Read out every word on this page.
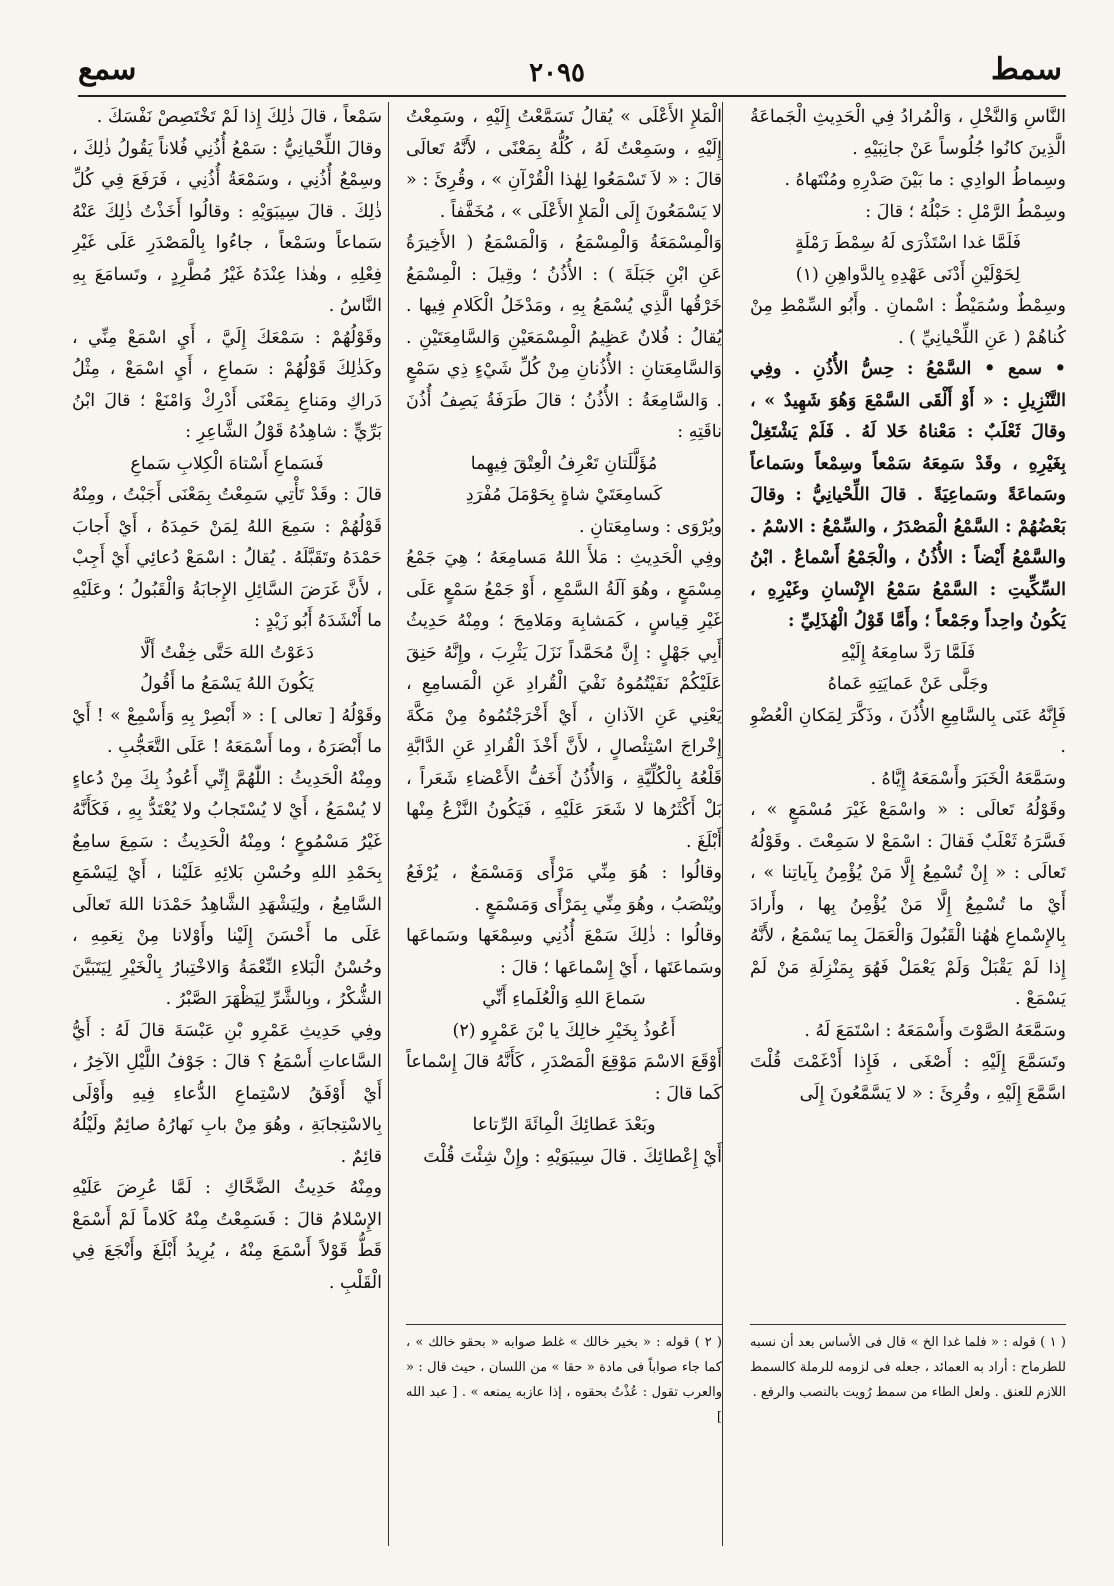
سمط
٢٠٩٥
سمع

النَّاسِ وَالنَّخْلِ ، وَالْمُرادُ فِي الْحَدِيثِ الْجَماعَةُ الَّذِينَ كانُوا جُلُوساً عَنْ جانِبَيْهِ .

وسِماطُ الوادِي : ما بَيْنَ صَدْرِهِ ومُنْتَهاهُ .

وسِمْطُ الرَّمْلِ : حَبْلُهُ ؛ قالَ :

فَلَمَّا غدا اسْتَذْرَى لَهُ سِمْطَ رَمْلَةٍ

لِحَوْلَيْنِ أَدْنَى عَهْدِهِ بِالدَّواهِنِ (١)

وسِمْطٌ وسُمَيْطٌ : اسْمانِ . وأَبُو السِّمْطِ مِنْ كُناهُمْ ( عَنِ اللِّحْيانِيِّ ) .

• سمع • السَّمْعُ : حِسُّ الأُذُنِ . وفِي التَّنْزِيلِ : « أَوْ أَلْقَى السَّمْعَ وَهُوَ شَهِيدٌ » ، وقالَ ثَعْلَبٌ : مَعْناهُ خَلا لَهُ . فَلَمْ يَشْتَغِلْ بِغَيْرِهِ ، وقَدْ سَمِعَهُ سَمْعاً وسِمْعاً وسَماعاً وسَماعَةً وسَماعِيَةً . قالَ اللِّحْيانِيُّ : وقالَ بَعْضُهُمْ : السَّمْعُ الْمَصْدَرُ ، والسِّمْعُ : الاسْمُ . والسَّمْعُ أَيْضاً : الأُذُنُ ، والْجَمْعُ أَسْماعٌ . ابْنُ السِّكِّيتِ : السَّمْعُ سَمْعُ الإِنْسانِ وغَيْرِهِ ، يَكُونُ واحِداً وجَمْعاً ؛ وأَمَّا قَوْلُ الْهُذَلِيِّ :

فَلَمَّا رَدَّ سامِعَهُ إِلَيْهِ

وجَلَّى عَنْ عَمايَتِهِ عَماهُ

فَإِنَّهُ عَنَى بِالسَّامِعِ الأُذُنَ ، وذَكَّرَ لِمَكانِ الْعُضْوِ .

وسَمَّعَهُ الْخَبَرَ وأَسْمَعَهُ إِيَّاهُ .

وقَوْلُهُ تَعالَى : « واسْمَعْ غَيْرَ مُسْمَعٍ » ، فَسَّرَهُ ثَعْلَبٌ فَقالَ : اسْمَعْ لا سَمِعْتَ . وقَوْلُهُ تَعالَى : « إِنْ تُسْمِعُ إِلَّا مَنْ يُؤْمِنُ بِآياتِنا » ، أَيْ ما تُسْمِعُ إِلَّا مَنْ يُؤْمِنُ بِها ، وأَرادَ بِالإِسْماعِ هٰهُنا الْقَبُولَ وَالْعَمَلَ بِما يَسْمَعُ ، لأَنَّهُ إِذا لَمْ يَقْبَلْ وَلَمْ يَعْمَلْ فَهُوَ بِمَنْزِلَةِ مَنْ لَمْ يَسْمَعْ .

وسَمَّعَهُ الصَّوْتَ وأَسْمَعَهُ : اسْتَمَعَ لَهُ .

وتَسَمَّعَ إِلَيْهِ : أَصْغَى ، فَإِذا أَدْغَمْتَ قُلْتَ اسَّمَّعَ إِلَيْهِ ، وقُرِئَ : « لا يَسَّمَّعُونَ إِلَى

الْمَلإِ الأَعْلَى » يُقالُ تَسَمَّعْتُ إِلَيْهِ ، وسَمِعْتُ إِلَيْهِ ، وسَمِعْتُ لَهُ ، كُلُّهُ بِمَعْنًى ، لأَنَّهُ تَعالَى قالَ : « لاَ تَسْمَعُوا لِهٰذا الْقُرْآنِ » ، وقُرِئَ : « لا يَسْمَعُونَ إِلَى الْمَلإِ الأَعْلَى » ، مُخَفَّفاً .

وَالْمِسْمَعَةُ وَالْمِسْمَعُ ، وَالْمَسْمَعُ ( الأَخِيرَةُ عَنِ ابْنِ جَبَلَةَ ) : الأُذُنُ ؛ وقِيلَ : الْمِسْمَعُ خَرْقُها الَّذِي يُسْمَعُ بِهِ ، ومَدْخَلُ الْكَلامِ فِيها . يُقالُ : فُلانٌ عَظِيمُ الْمِسْمَعَيْنِ وَالسَّامِعَتَيْنِ . وَالسَّامِعَتانِ : الأُذُنانِ مِنْ كُلِّ شَيْءٍ ذِي سَمْعٍ . وَالسَّامِعَةُ : الأُذُنُ ؛ قالَ طَرَفَةُ يَصِفُ أُذُنَ ناقَتِهِ :

مُؤَلَّلَتانِ تَعْرِفُ الْعِتْقَ فِيهِما

كَسامِعَتَيْ شاةٍ بِحَوْمَلَ مُفْرَدِ

ويُرْوَى : وسامِعَتانِ .

وفِي الْحَدِيثِ : مَلأَ اللهُ مَسامِعَهُ ؛ هِيَ جَمْعُ مِسْمَعٍ ، وهُوَ آلَةُ السَّمْعِ ، أَوْ جَمْعُ سَمْعٍ عَلَى غَيْرِ قِياسٍ ، كَمَشابِهَ ومَلامِحَ ؛ ومِنْهُ حَدِيثُ أَبِي جَهْلٍ : إِنَّ مُحَمَّداً نَزَلَ يَثْرِبَ ، وإِنَّهُ حَنِقَ عَلَيْكُمْ نَفَيْتُمُوهُ نَفْيَ الْقُرادِ عَنِ الْمَسامِعِ ، يَعْنِي عَنِ الآذانِ ، أَيْ أَخْرَجْتُمُوهُ مِنْ مَكَّةَ إِخْراجَ اسْتِئْصالٍ ، لأَنَّ أَخْذَ الْقُرادِ عَنِ الدَّابَّةِ قَلْعُهُ بِالْكُلِّيَّةِ ، وَالأُذُنُ أَخَفُّ الأَعْضاءِ شَعَراً ، بَلْ أَكْثَرُها لا شَعَرَ عَلَيْهِ ، فَيَكُونُ النَّزْعُ مِنْها أَبْلَغَ .

وقالُوا : هُوَ مِنِّي مَرْأًى وَمَسْمَعٌ ، يُرْفَعُ ويُنْصَبُ ، وهُوَ مِنِّي بِمَرْأًى وَمَسْمَعٍ .

وقالُوا : ذٰلِكَ سَمْعَ أُذُنِي وسِمْعَها وسَماعَها وسَماعَتَها ، أَيْ إِسْماعَها ؛ قالَ :

سَماعَ اللهِ وَالْعُلَماءِ أَنِّي

أَعُوذُ بِخَيْرِ خالِكَ يا بْنَ عَمْرٍو (٢)

أَوْقَعَ الاسْمَ مَوْقِعَ الْمَصْدَرِ ، كَأَنَّهُ قالَ إِسْماعاً كَما قالَ :

وبَعْدَ عَطائِكَ الْمِائَةَ الرِّتاعا

أَيْ إِعْطائِكَ . قالَ سِيبَوَيْهِ : وإِنْ شِئْتَ قُلْتَ

سَمْعاً ، قالَ ذٰلِكَ إِذا لَمْ تَخْتَصِصْ نَفْسَكَ .

وقالَ اللِّحْيانِيُّ : سَمْعُ أُذُنِي فُلاناً يَقُولُ ذٰلِكَ ، وسِمْعُ أُذُنِي ، وسَمْعَةُ أُذُنِي ، فَرَفَعَ فِي كُلِّ ذٰلِكَ . قالَ سِيبَوَيْهِ : وقالُوا أَخَذْتُ ذٰلِكَ عَنْهُ سَماعاً وسَمْعاً ، جاءُوا بِالْمَصْدَرِ عَلَى غَيْرِ فِعْلِهِ ، وهٰذا عِنْدَهُ غَيْرُ مُطَّرِدٍ ، وتَسامَعَ بِهِ النَّاسُ .

وقَوْلُهُمْ : سَمْعَكَ إِلَيَّ ، أَيِ اسْمَعْ مِنِّي ، وكَذٰلِكَ قَوْلُهُمْ : سَماعِ ، أَيِ اسْمَعْ ، مِثْلُ دَراكِ ومَناعِ بِمَعْنَى أَدْرِكْ وَامْنَعْ ؛ قالَ ابْنُ بَرِّيٍّ : شاهِدُهُ قَوْلُ الشَّاعِرِ :

فَسَماعِ أَسْتاهَ الْكِلابِ سَماعِ

قالَ : وقَدْ تَأْتِي سَمِعْتُ بِمَعْنَى أَجَبْتُ ، ومِنْهُ قَوْلُهُمْ : سَمِعَ اللهُ لِمَنْ حَمِدَهُ ، أَيْ أَجابَ حَمْدَهُ وتَقَبَّلَهُ . يُقالُ : اسْمَعْ دُعائِي أَيْ أَجِبْ ، لأَنَّ غَرَضَ السَّائِلِ الإِجابَةُ وَالْقَبُولُ ؛ وعَلَيْهِ ما أَنْشَدَهُ أَبُو زَيْدٍ :

دَعَوْتُ اللهَ حَتَّى خِفْتُ أَلَّا

يَكُونَ اللهُ يَسْمَعُ ما أَقُولُ

وقَوْلُهُ [ تعالى ] : « أَبْصِرْ بِهِ وَأَسْمِعْ » ! أَيْ ما أَبْصَرَهُ ، وما أَسْمَعَهُ ! عَلَى التَّعَجُّبِ .

ومِنْهُ الْحَدِيثُ : اللّٰهُمَّ إِنِّي أَعُوذُ بِكَ مِنْ دُعاءٍ لا يُسْمَعُ ، أَيْ لا يُسْتَجابُ ولا يُعْتَدُّ بِهِ ، فَكَأَنَّهُ غَيْرُ مَسْمُوعٍ ؛ ومِنْهُ الْحَدِيثُ : سَمِعَ سامِعٌ بِحَمْدِ اللهِ وحُسْنِ بَلائِهِ عَلَيْنا ، أَيْ لِيَسْمَعِ السَّامِعُ ، ولِيَشْهَدِ الشَّاهِدُ حَمْدَنا اللهَ تَعالَى عَلَى ما أَحْسَنَ إِلَيْنا وأَوْلانا مِنْ نِعَمِهِ ، وحُسْنُ الْبَلاءِ النِّعْمَةُ وَالاخْتِبارُ بِالْخَيْرِ لِيَتَبَيَّنَ الشُّكْرُ ، وبِالشَّرِّ لِيَظْهَرَ الصَّبْرُ .

وفِي حَدِيثِ عَمْرِو بْنِ عَبْسَةَ قالَ لَهُ : أَيُّ السَّاعاتِ أَسْمَعُ ؟ قالَ : جَوْفُ اللَّيْلِ الآخِرُ ، أَيْ أَوْفَقُ لاسْتِماعِ الدُّعاءِ فِيهِ وأَوْلَى بِالاسْتِجابَةِ ، وهُوَ مِنْ بابِ نَهارُهُ صائِمٌ ولَيْلُهُ قائِمٌ .

ومِنْهُ حَدِيثُ الضَّحَّاكِ : لَمَّا عُرِضَ عَلَيْهِ الإِسْلامُ قالَ : فَسَمِعْتُ مِنْهُ كَلاماً لَمْ أَسْمَعْ قَطُّ قَوْلاً أَسْمَعَ مِنْهُ ، يُرِيدُ أَبْلَغَ وأَنْجَعَ فِي الْقَلْبِ .

( ١ ) قوله : « فلما غدا الخ » قال فى الأساس بعد أن نسبه للطرماح : أراد به العمائد ، جعله فى لزومه للرملة كالسمط اللازم للعنق . ولعل الطاء من سمط رُويت بالنصب والرفع .
( ٢ ) قوله : « بخير خالك » غلط صوابه « بحقو خالك » ، كما جاء صواباً فى مادة « حقا » من اللسان ، حيث قال : « والعرب تقول : عُذْتُ بحقوه ، إذا عازبه يمنعه » . [ عبد الله ]
